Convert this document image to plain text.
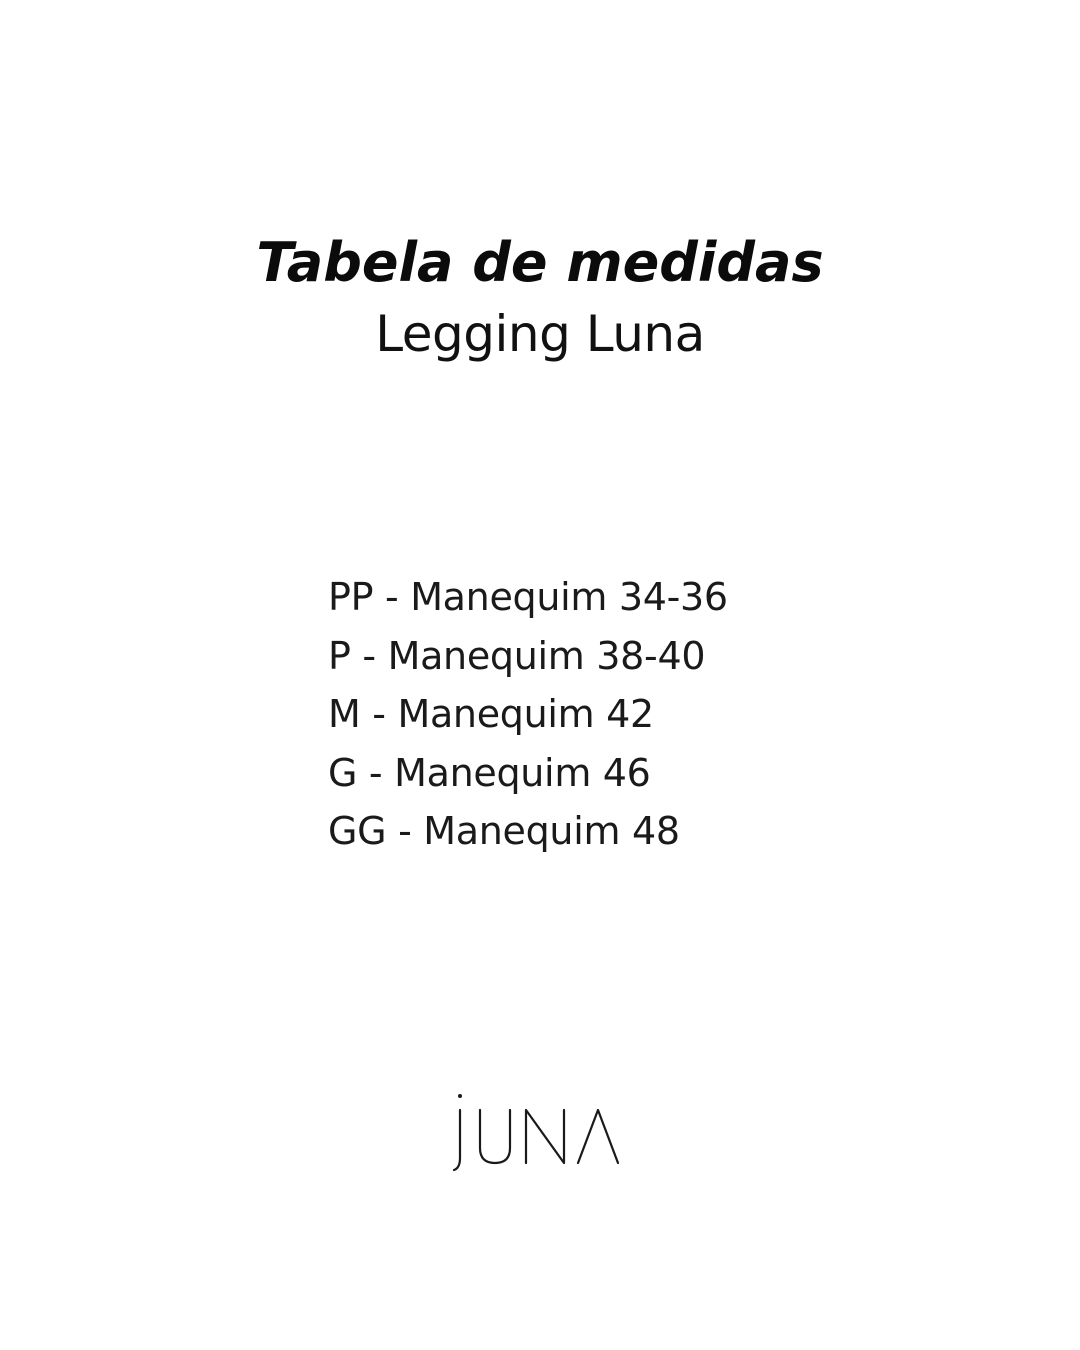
Tabela de medidas
Legging Luna
PP - Manequim 34-36
P - Manequim 38-40
M - Manequim 42
G - Manequim 46
GG - Manequim 48
